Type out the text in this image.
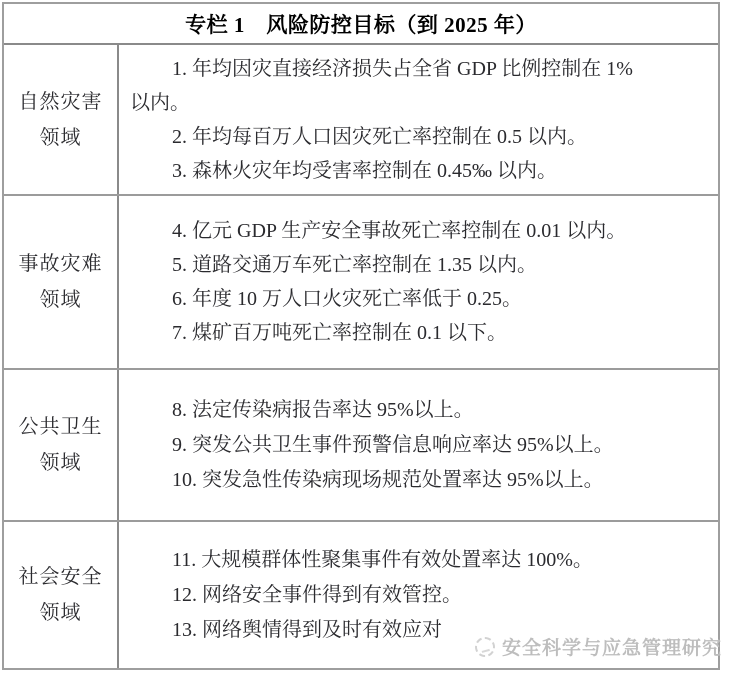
专栏 1　风险防控目标（到 2025 年）
自然灾害
领域

1. 年均因灾直接经济损失占全省 GDP 比例控制在 1%
以内。

2. 年均每百万人口因灾死亡率控制在 0.5 以内。

3. 森林火灾年均受害率控制在 0.45‰ 以内。

事故灾难
领域

4. 亿元 GDP 生产安全事故死亡率控制在 0.01 以内。

5. 道路交通万车死亡率控制在 1.35 以内。

6. 年度 10 万人口火灾死亡率低于 0.25。

7. 煤矿百万吨死亡率控制在 0.1 以下。

公共卫生
领域

8. 法定传染病报告率达 95%以上。

9. 突发公共卫生事件预警信息响应率达 95%以上。

10. 突发急性传染病现场规范处置率达 95%以上。

社会安全
领域

11. 大规模群体性聚集事件有效处置率达 100%。

12. 网络安全事件得到有效管控。

13. 网络舆情得到及时有效应对

安全科学与应急管理研究
